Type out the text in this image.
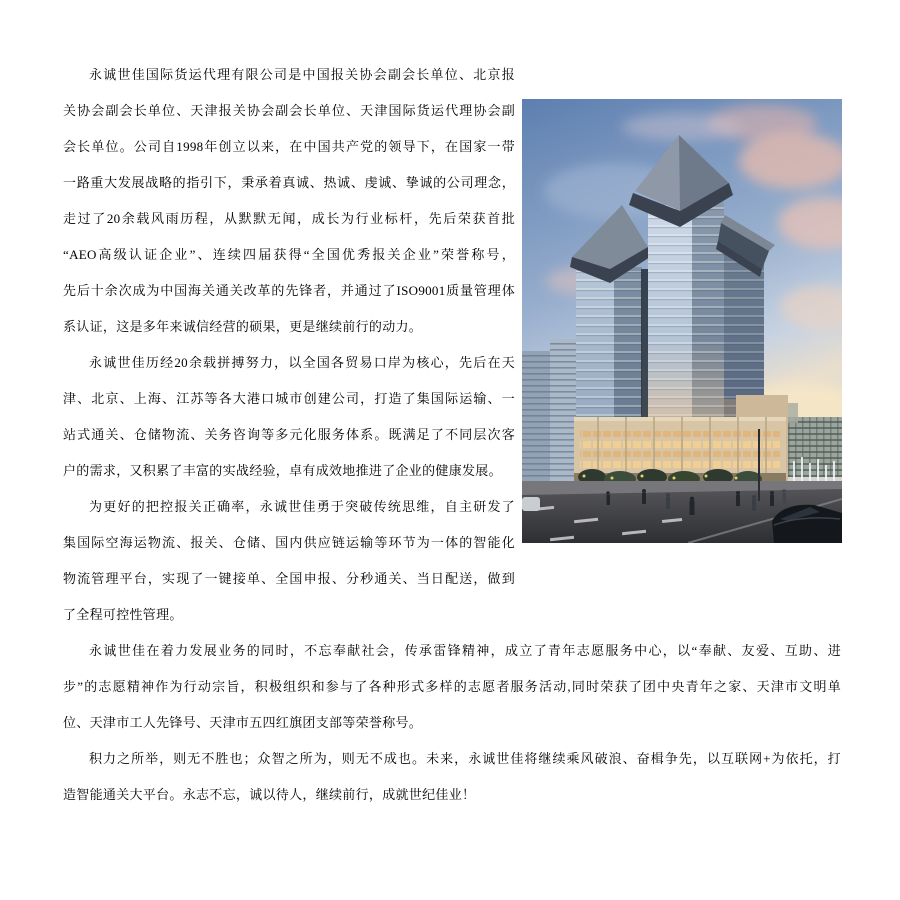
永诚世佳国际货运代理有限公司是中国报关协会副会长单位、北京报
关协会副会长单位、天津报关协会副会长单位、天津国际货运代理协会副
会长单位。公司自1998年创立以来，在中国共产党的领导下，在国家一带
一路重大发展战略的指引下，秉承着真诚、热诚、虔诚、挚诚的公司理念，
走过了20余载风雨历程，从默默无闻，成长为行业标杆，先后荣获首批
“AEO高级认证企业”、连续四届获得“全国优秀报关企业”荣誉称号，
先后十余次成为中国海关通关改革的先锋者，并通过了ISO9001质量管理体
系认证，这是多年来诚信经营的硕果，更是继续前行的动力。
永诚世佳历经20余载拼搏努力，以全国各贸易口岸为核心，先后在天
津、北京、上海、江苏等各大港口城市创建公司，打造了集国际运输、一
站式通关、仓储物流、关务咨询等多元化服务体系。既满足了不同层次客
户的需求，又积累了丰富的实战经验，卓有成效地推进了企业的健康发展。
为更好的把控报关正确率，永诚世佳勇于突破传统思维，自主研发了
集国际空海运物流、报关、仓储、国内供应链运输等环节为一体的智能化
物流管理平台，实现了一键接单、全国申报、分秒通关、当日配送，做到
了全程可控性管理。
永诚世佳在着力发展业务的同时，不忘奉献社会，传承雷锋精神，成立了青年志愿服务中心，以“奉献、友爱、互助、进
步”的志愿精神作为行动宗旨，积极组织和参与了各种形式多样的志愿者服务活动,同时荣获了团中央青年之家、天津市文明单
位、天津市工人先锋号、天津市五四红旗团支部等荣誉称号。
积力之所举，则无不胜也；众智之所为，则无不成也。未来，永诚世佳将继续乘风破浪、奋楫争先，以互联网+为依托，打
造智能通关大平台。永志不忘，诚以待人，继续前行，成就世纪佳业！
